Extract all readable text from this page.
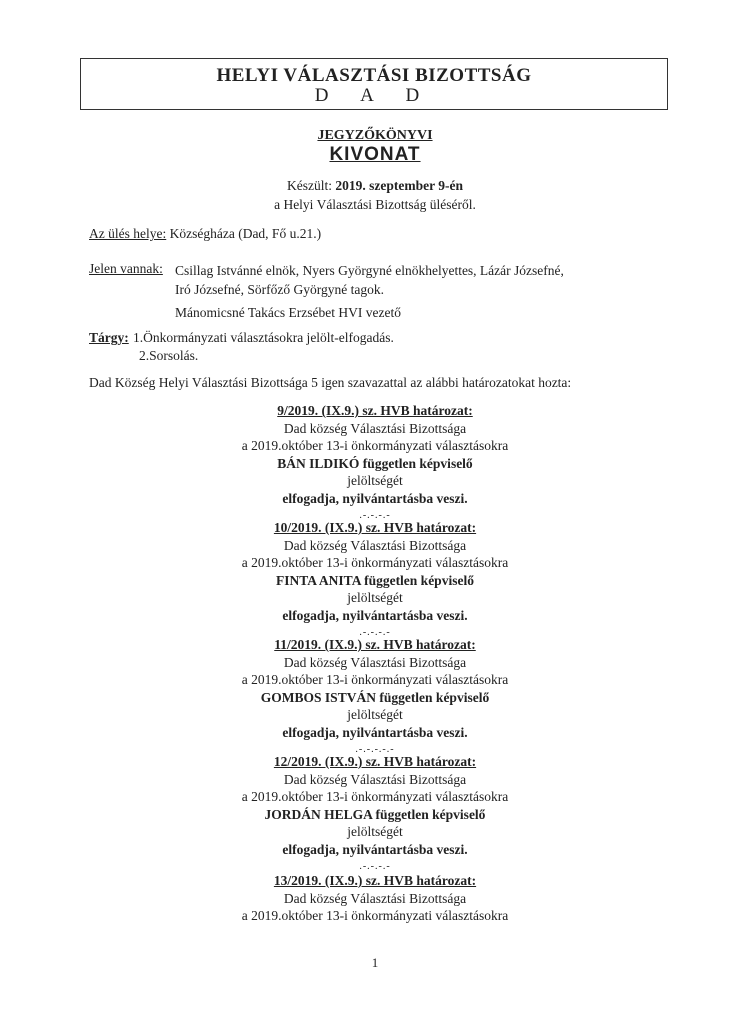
HELYI VÁLASZTÁSI BIZOTTSÁG
D A D
JEGYZŐKÖNYVI
KIVONAT
Készült: 2019. szeptember 9-én
a Helyi Választási Bizottság üléséről.
Az ülés helye: Községháza (Dad, Fő u.21.)
Jelen vannak: Csillag Istvánné elnök, Nyers Györgyné elnökhelyettes, Lázár Józsefné,
Iró Józsefné, Sörfőző Györgyné tagok.
Mánomicsné Takács Erzsébet HVI vezető
Tárgy: 1.Önkormányzati választásokra jelölt-elfogadás.
2.Sorsolás.
Dad Község Helyi Választási Bizottsága 5 igen szavazattal az alábbi határozatokat hozta:
9/2019. (IX.9.) sz. HVB határozat:
Dad község Választási Bizottsága
a 2019.október 13-i önkormányzati választásokra
BÁN ILDIKÓ független képviselő
jelöltségét
elfogadja, nyilvántartásba veszi.
.-.-.-.-
10/2019. (IX.9.) sz. HVB határozat:
Dad község Választási Bizottsága
a 2019.október 13-i önkormányzati választásokra
FINTA ANITA független képviselő
jelöltségét
elfogadja, nyilvántartásba veszi.
.-.-.-.-
11/2019. (IX.9.) sz. HVB határozat:
Dad község Választási Bizottsága
a 2019.október 13-i önkormányzati választásokra
GOMBOS ISTVÁN független képviselő
jelöltségét
elfogadja, nyilvántartásba veszi.
.-.-.-.-.-
12/2019. (IX.9.) sz. HVB határozat:
Dad község Választási Bizottsága
a 2019.október 13-i önkormányzati választásokra
JORDÁN HELGA független képviselő
jelöltségét
elfogadja, nyilvántartásba veszi.
.-.-.-.-
13/2019. (IX.9.) sz. HVB határozat:
Dad község Választási Bizottsága
a 2019.október 13-i önkormányzati választásokra
1
